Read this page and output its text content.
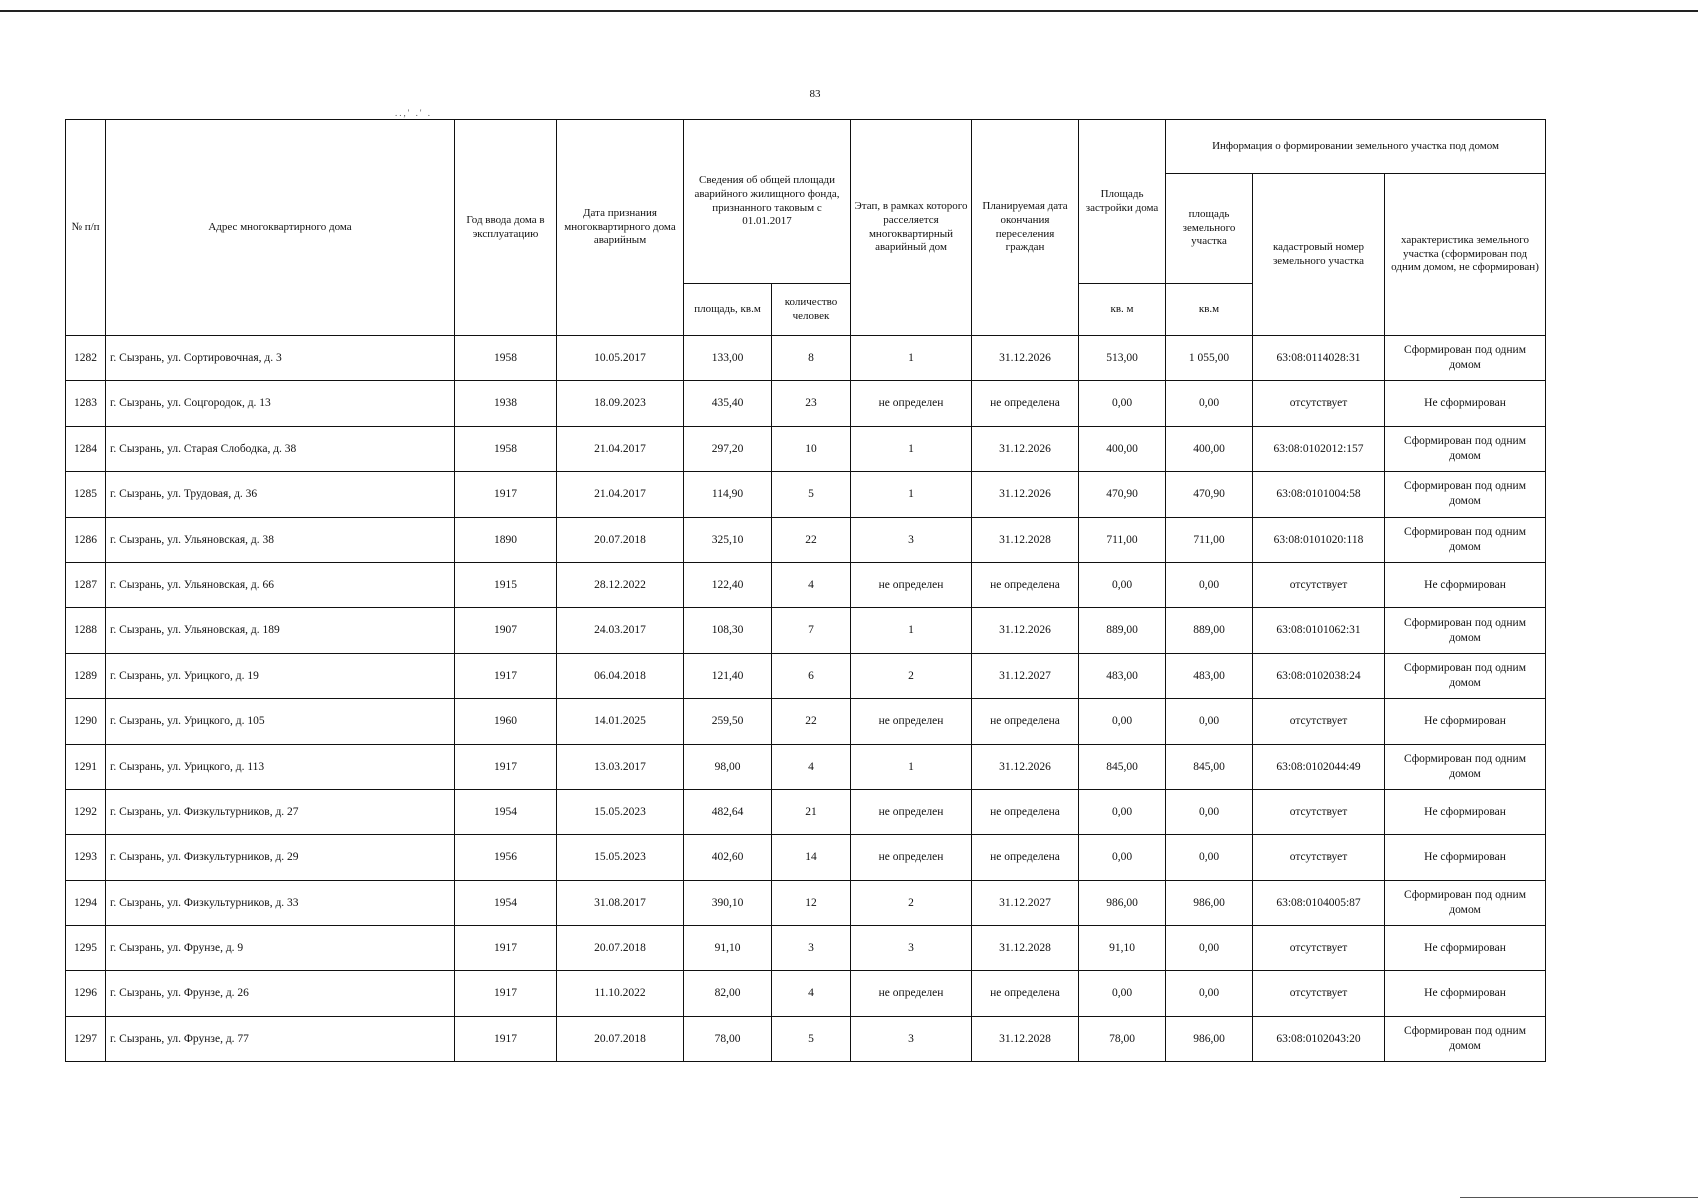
..,' .' .
83
№ п/п	Адрес многоквартирного дома	Год ввода дома в эксплуатацию	Дата признания многоквартирного дома аварийным	Сведения об общей площади аварийного жилищного фонда, признанного таковым с 01.01.2017		Этап, в рамках которого расселяется многоквартирный аварийный дом	Планируемая дата окончания переселения граждан	Площадь застройки дома	Информация о формировании земельного участка под домом		
									площадь земельного участка	кадастровый номер земельного участка	характеристика земельного участка (сформирован под одним домом, не сформирован)
				площадь, кв.м	количество человек			кв. м	кв.м		
1282	г. Сызрань, ул. Сортировочная, д. 3	1958	10.05.2017	133,00	8	1	31.12.2026	513,00	1 055,00	63:08:0114028:31	Сформирован под одним домом
1283	г. Сызрань, ул. Соцгородок, д. 13	1938	18.09.2023	435,40	23	не определен	не определена	0,00	0,00	отсутствует	Не сформирован
1284	г. Сызрань, ул. Старая Слободка, д. 38	1958	21.04.2017	297,20	10	1	31.12.2026	400,00	400,00	63:08:0102012:157	Сформирован под одним домом
1285	г. Сызрань, ул. Трудовая, д. 36	1917	21.04.2017	114,90	5	1	31.12.2026	470,90	470,90	63:08:0101004:58	Сформирован под одним домом
1286	г. Сызрань, ул. Ульяновская, д. 38	1890	20.07.2018	325,10	22	3	31.12.2028	711,00	711,00	63:08:0101020:118	Сформирован под одним домом
1287	г. Сызрань, ул. Ульяновская, д. 66	1915	28.12.2022	122,40	4	не определен	не определена	0,00	0,00	отсутствует	Не сформирован
1288	г. Сызрань, ул. Ульяновская, д. 189	1907	24.03.2017	108,30	7	1	31.12.2026	889,00	889,00	63:08:0101062:31	Сформирован под одним домом
1289	г. Сызрань, ул. Урицкого, д. 19	1917	06.04.2018	121,40	6	2	31.12.2027	483,00	483,00	63:08:0102038:24	Сформирован под одним домом
1290	г. Сызрань, ул. Урицкого, д. 105	1960	14.01.2025	259,50	22	не определен	не определена	0,00	0,00	отсутствует	Не сформирован
1291	г. Сызрань, ул. Урицкого, д. 113	1917	13.03.2017	98,00	4	1	31.12.2026	845,00	845,00	63:08:0102044:49	Сформирован под одним домом
1292	г. Сызрань, ул. Физкультурников, д. 27	1954	15.05.2023	482,64	21	не определен	не определена	0,00	0,00	отсутствует	Не сформирован
1293	г. Сызрань, ул. Физкультурников, д. 29	1956	15.05.2023	402,60	14	не определен	не определена	0,00	0,00	отсутствует	Не сформирован
1294	г. Сызрань, ул. Физкультурников, д. 33	1954	31.08.2017	390,10	12	2	31.12.2027	986,00	986,00	63:08:0104005:87	Сформирован под одним домом
1295	г. Сызрань, ул. Фрунзе, д. 9	1917	20.07.2018	91,10	3	3	31.12.2028	91,10	0,00	отсутствует	Не сформирован
1296	г. Сызрань, ул. Фрунзе, д. 26	1917	11.10.2022	82,00	4	не определен	не определена	0,00	0,00	отсутствует	Не сформирован
1297	г. Сызрань, ул. Фрунзе, д. 77	1917	20.07.2018	78,00	5	3	31.12.2028	78,00	986,00	63:08:0102043:20	Сформирован под одним домом
